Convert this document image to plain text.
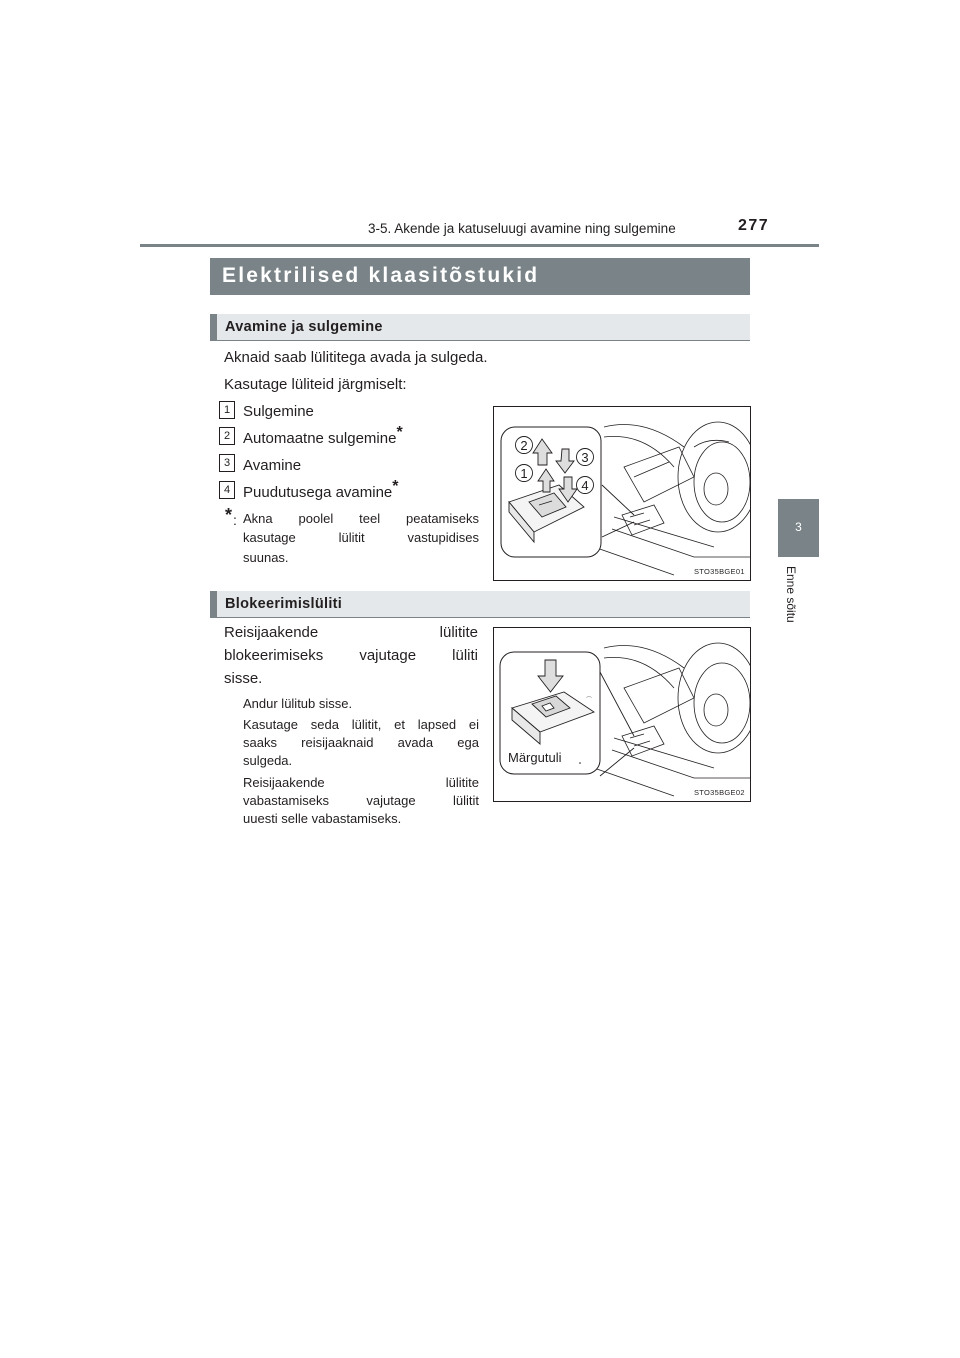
3-5. Akende ja katuseluugi avamine ning sulgemine	277
3
Enne sõitu
Elektrilised klaasitõstukid
Avamine ja sulgemine
Aknaid saab lülititega avada ja sulgeda.
Kasutage lüliteid järgmiselt:
1 Sulgemine
2 Automaatne sulgemine*
3 Avamine
4 Puudutusega avamine*
* : Akna poolel teel peatamiseks
kasutage lülitit vastupidises
suunas.
2
1
3
4
STO35BGE01
Blokeerimislüliti
Reisijaakende lülitite
blokeerimiseks vajutage lüliti
sisse.
Andur lülitub sisse.
Kasutage seda lülitit, et lapsed ei
saaks reisijaaknaid avada ega
sulgeda.
Reisijaakende lülitite
vabastamiseks vajutage lülitit
uuesti selle vabastamiseks.
⌒
Märgutuli
STO35BGE02
